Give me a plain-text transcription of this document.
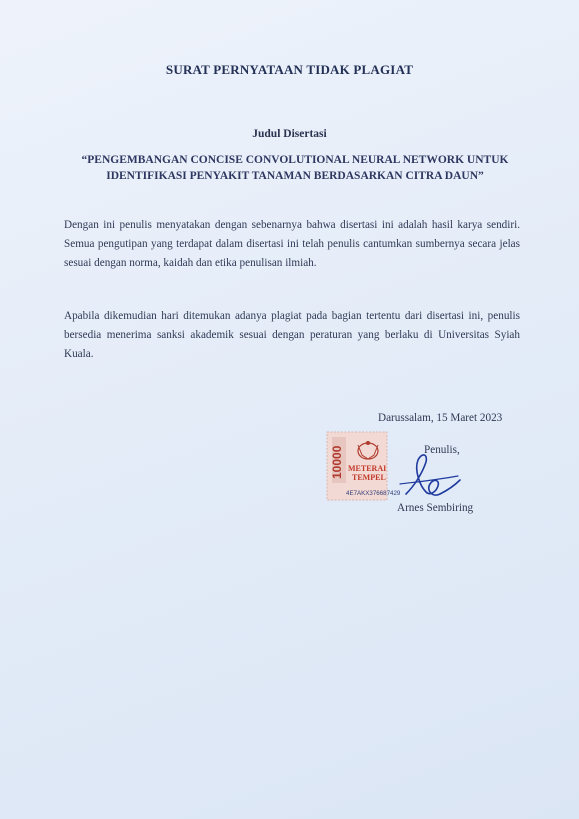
SURAT PERNYATAAN TIDAK PLAGIAT
Judul Disertasi
“PENGEMBANGAN CONCISE CONVOLUTIONAL NEURAL NETWORK UNTUK
IDENTIFIKASI PENYAKIT TANAMAN BERDASARKAN CITRA DAUN”
Dengan ini penulis menyatakan dengan sebenarnya bahwa disertasi ini adalah hasil karya sendiri. Semua pengutipan yang terdapat dalam disertasi ini telah penulis cantumkan sumbernya secara jelas sesuai dengan norma, kaidah dan etika penulisan ilmiah.
Apabila dikemudian hari ditemukan adanya plagiat pada bagian tertentu dari disertasi ini, penulis bersedia menerima sanksi akademik sesuai dengan peraturan yang berlaku di Universitas Syiah Kuala.
Darussalam, 15 Maret 2023
Penulis,
10000 METERAI
TEMPEL
4E7AKX376687429
Arnes Sembiring
